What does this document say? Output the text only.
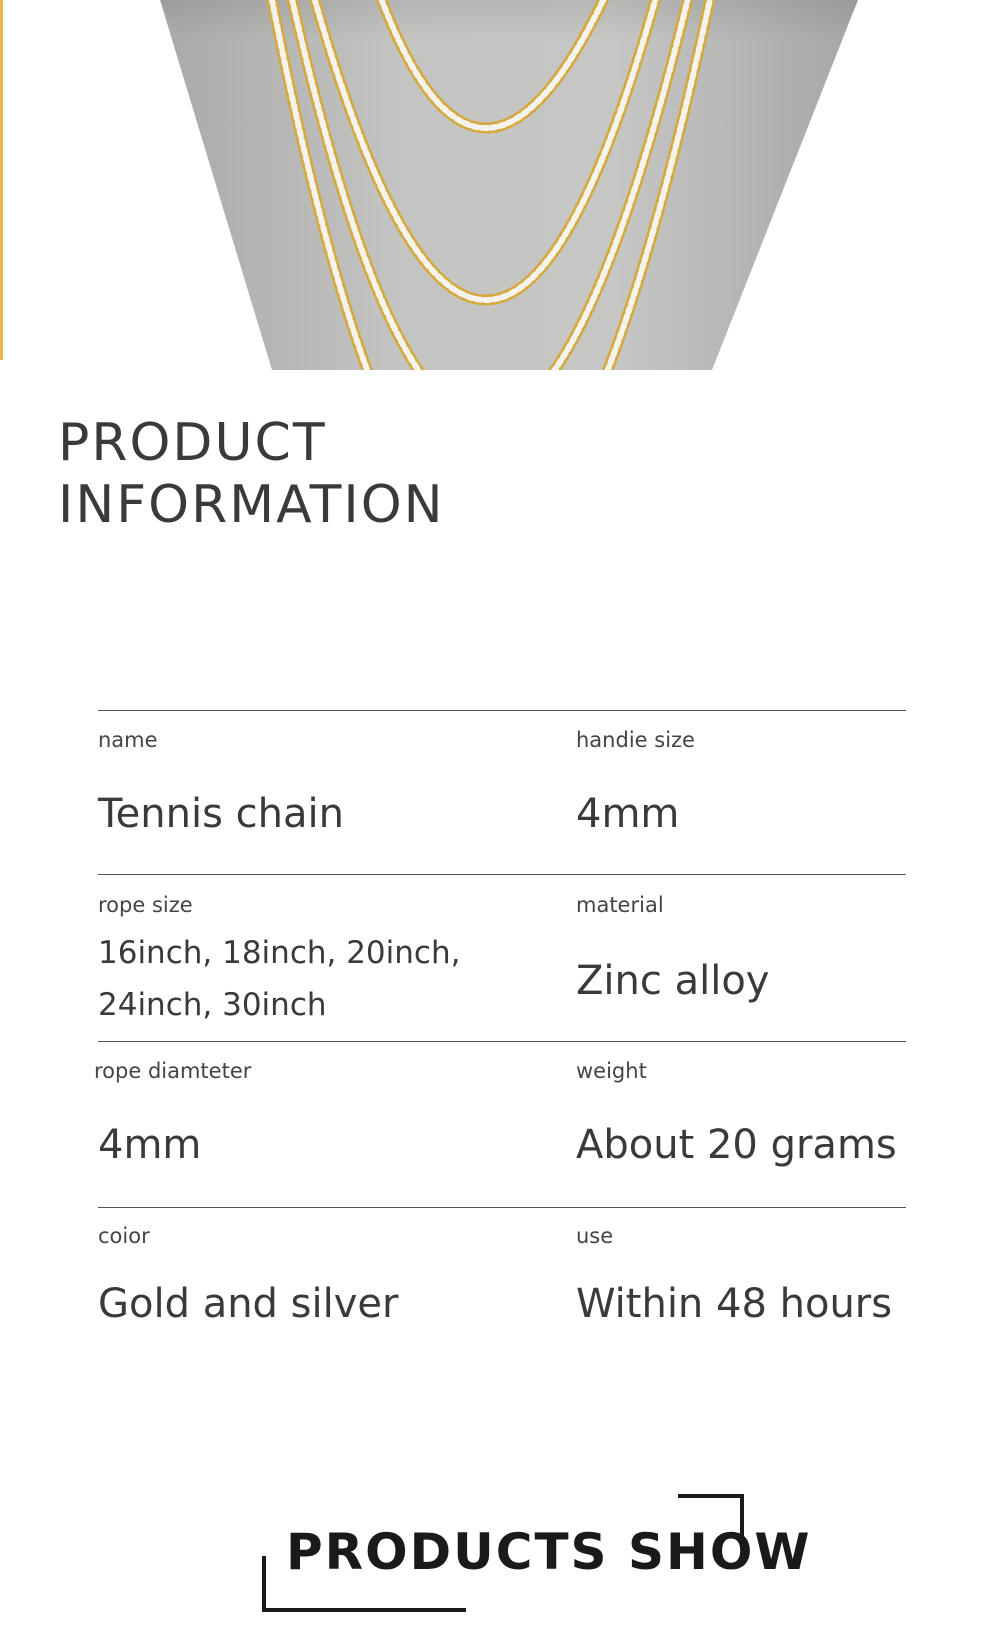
PRODUCT
INFORMATION
name
Tennis chain
handie size
4mm
rope size
16inch, 18inch, 20inch,
24inch, 30inch
material
Zinc alloy
rope diamteter
4mm
weight
About 20 grams
coior
Gold and silver
use
Within 48 hours
PRODUCTS SHOW
